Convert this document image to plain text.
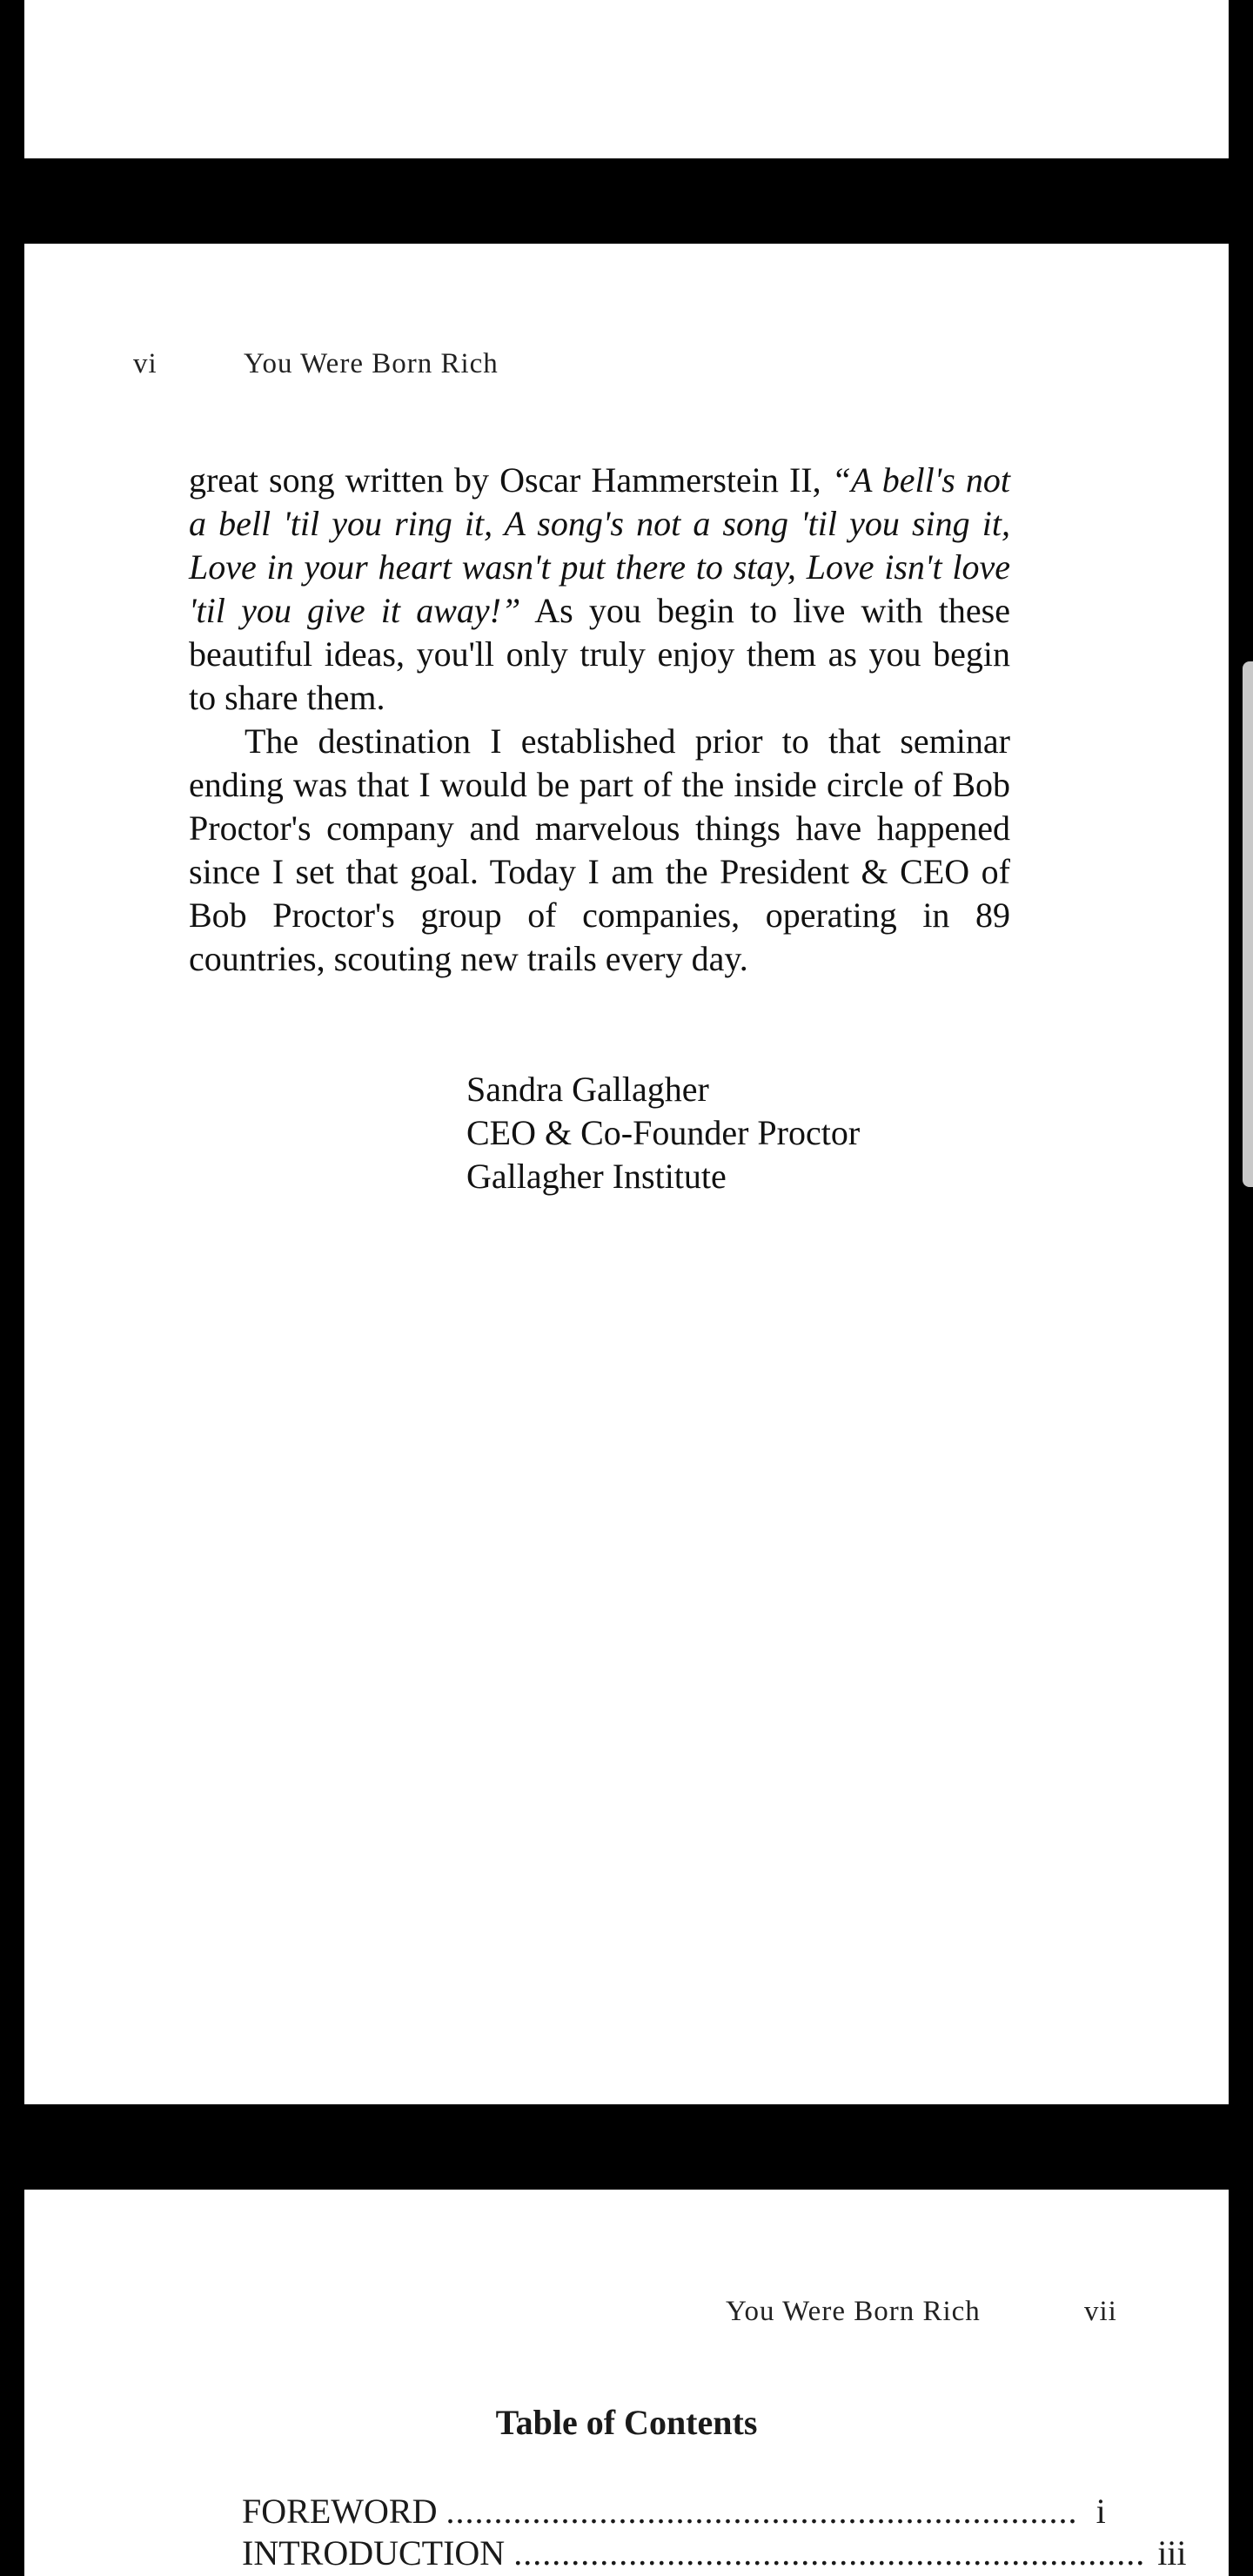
vi	You Were Born Rich

great song written by Oscar Hammerstein II, “A bell's not a bell 'til you ring it, A song's not a song 'til you sing it, Love in your heart wasn't put there to stay, Love isn't love 'til you give it away!” As you begin to live with these beautiful ideas, you'll only truly enjoy them as you begin to share them.

The destination I established prior to that seminar ending was that I would be part of the inside circle of Bob Proctor's company and marvelous things have happened since I set that goal. Today I am the President & CEO of Bob Proctor's group of companies, operating in 89 countries, scouting new trails every day.

Sandra Gallagher
CEO & Co-Founder Proctor
Gallagher Institute
You Were Born Rich	vii
Table of Contents
FOREWORD .................................................................. i
INTRODUCTION .................................................................. iii
